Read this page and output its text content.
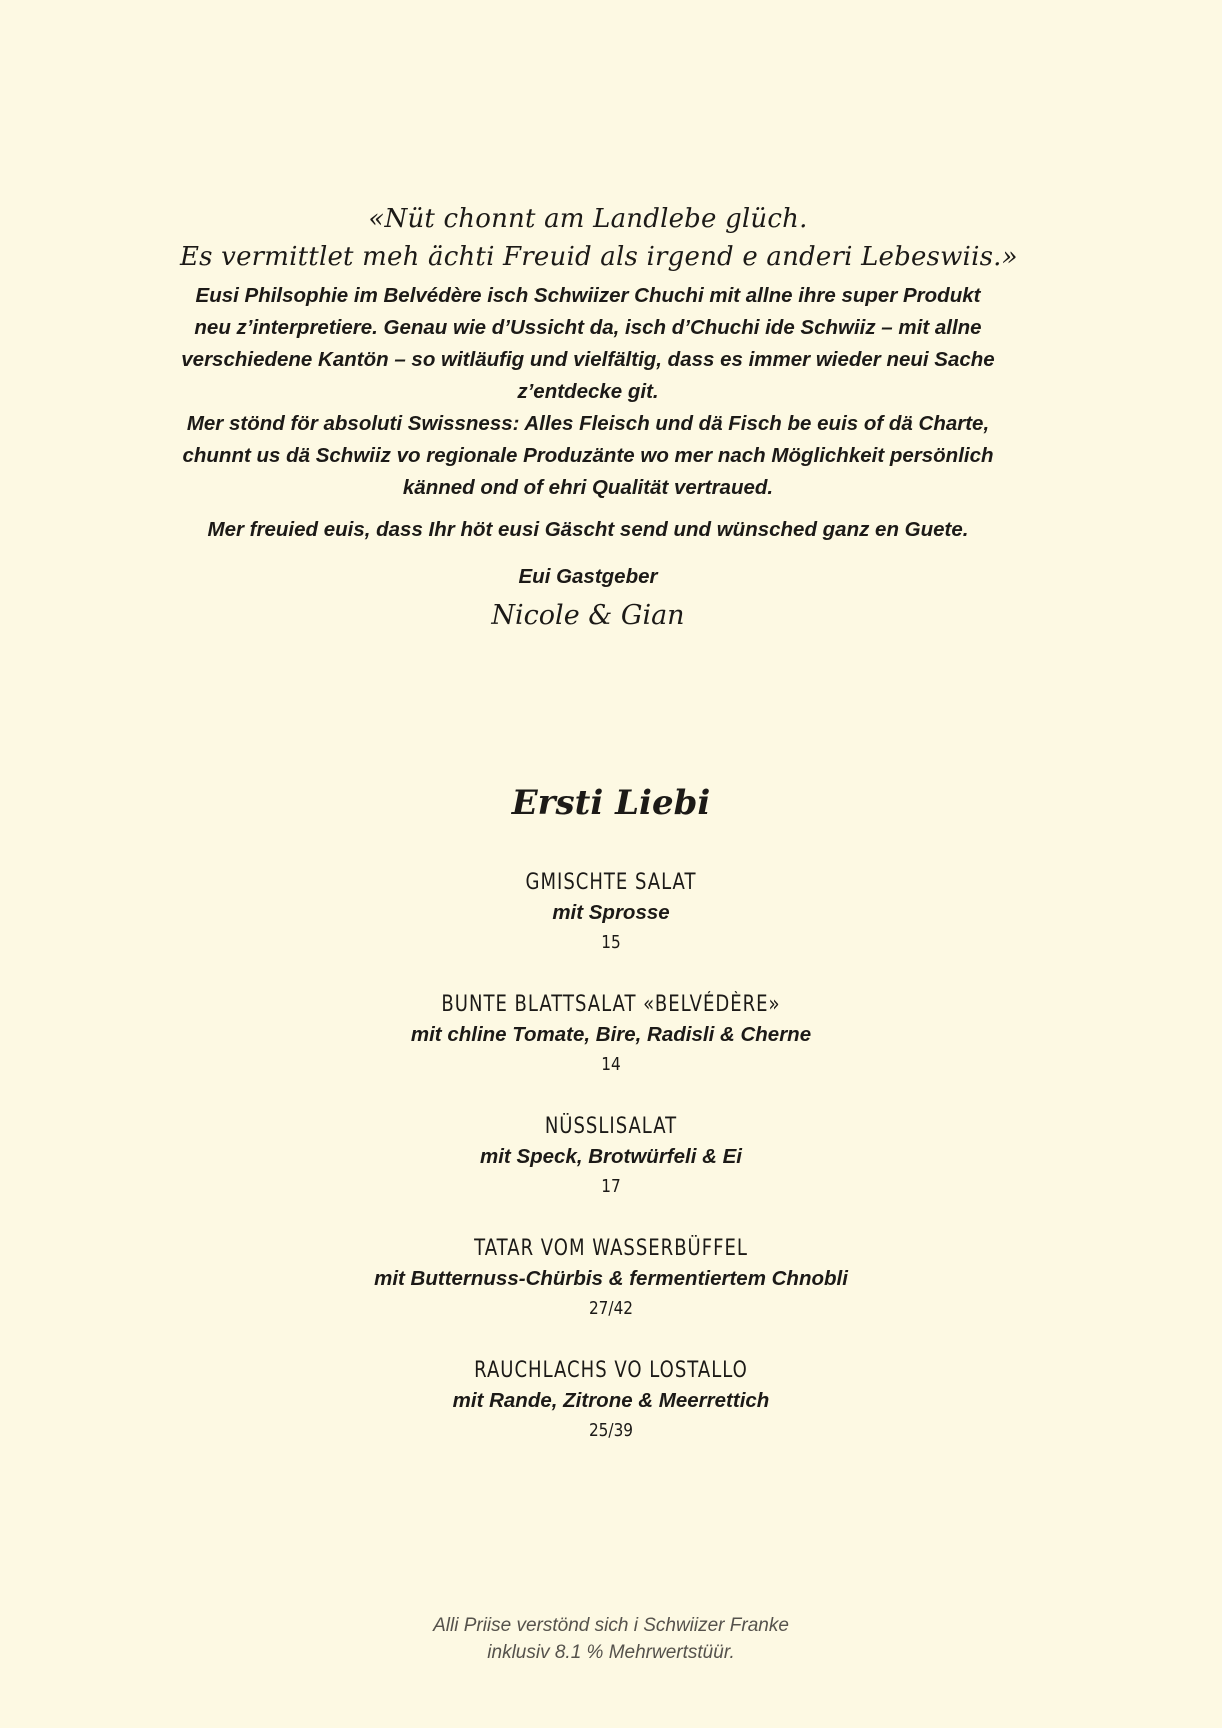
«Nüt chonnt am Landlebe glüch.
Es vermittlet meh ächti Freuid als irgend e anderi Lebeswiis.»
Eusi Philsophie im Belvédère isch Schwiizer Chuchi mit allne ihre super Produkt neu z’interpretiere. Genau wie d’Ussicht da, isch d’Chuchi ide Schwiiz – mit allne verschiedene Kantön – so witläufig und vielfältig, dass es immer wieder neui Sache z’entdecke git.
Mer stönd för absoluti Swissness: Alles Fleisch und dä Fisch be euis of dä Charte, chunnt us dä Schwiiz vo regionale Produzänte wo mer nach Möglichkeit persönlich känned ond of ehri Qualität vertraued.
Mer freuied euis, dass Ihr höt eusi Gäscht send und wünsched ganz en Guete.
Eui Gastgeber
Nicole & Gian
Ersti Liebi
GMISCHTE SALAT
mit Sprosse
15
BUNTE BLATTSALAT «BELVÉDÈRE»
mit chline Tomate, Bire, Radisli & Cherne
14
NÜSSLISALAT
mit Speck, Brotwürfeli & Ei
17
TATAR VOM WASSERBÜFFEL
mit Butternuss-Chürbis & fermentiertem Chnobli
27/42
RAUCHLACHS VO LOSTALLO
mit Rande, Zitrone & Meerrettich
25/39
Alli Priise verstönd sich i Schwiizer Franke
inklusiv 8.1 % Mehrwertstüür.
